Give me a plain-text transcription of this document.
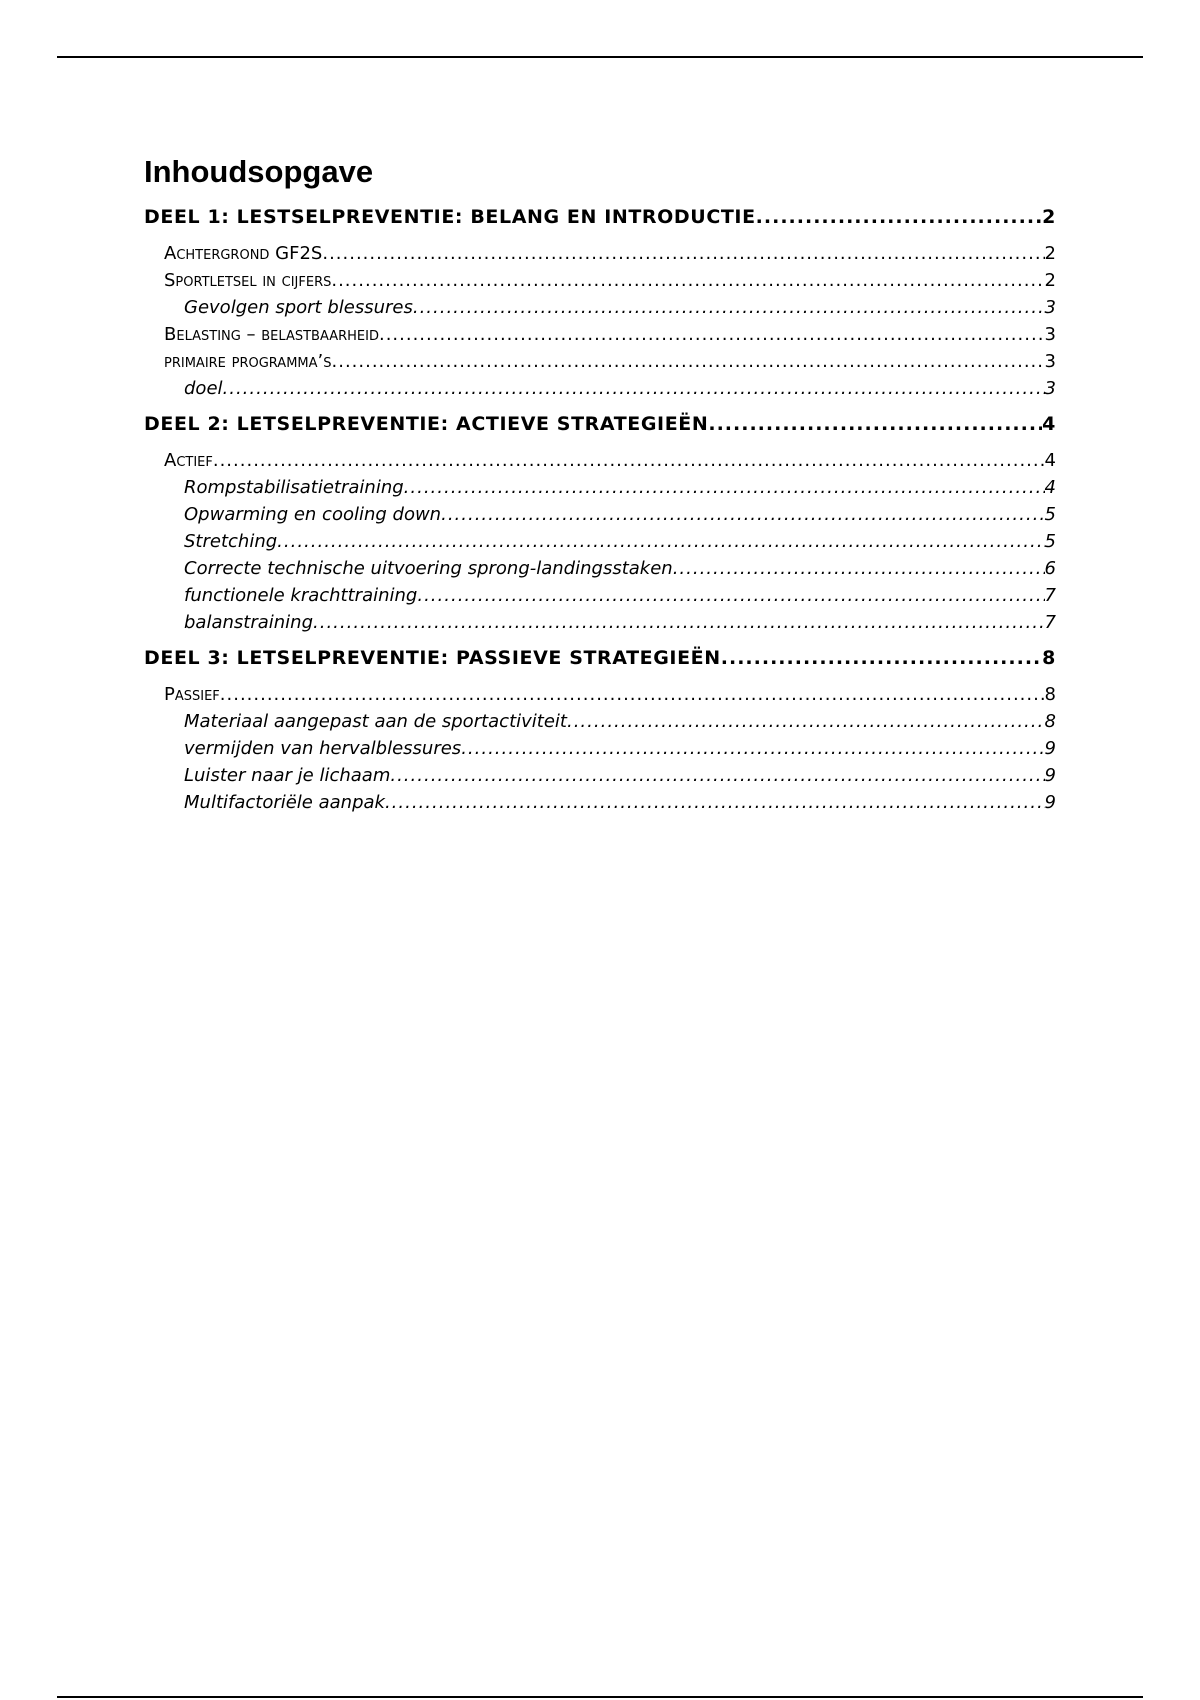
Inhoudsopgave
DEEL 1: LESTSELPREVENTIE: BELANG EN INTRODUCTIE .....	2
Achtergrond GF2S .....	2
Sportletsel in cijfers .....	2
Gevolgen sport blessures .....	3
Belasting – belastbaarheid .....	3
primaire programma’s .....	3
doel .....	3
DEEL 2: LETSELPREVENTIE: ACTIEVE STRATEGIEËN .....	4
Actief .....	4
Rompstabilisatietraining .....	4
Opwarming en cooling down .....	5
Stretching .....	5
Correcte technische uitvoering sprong-landingsstaken .....	6
functionele krachttraining .....	7
balanstraining .....	7
DEEL 3: LETSELPREVENTIE: PASSIEVE STRATEGIEËN .....	8
Passief .....	8
Materiaal aangepast aan de sportactiviteit .....	8
vermijden van hervalblessures .....	9
Luister naar je lichaam .....	9
Multifactoriële aanpak .....	9
